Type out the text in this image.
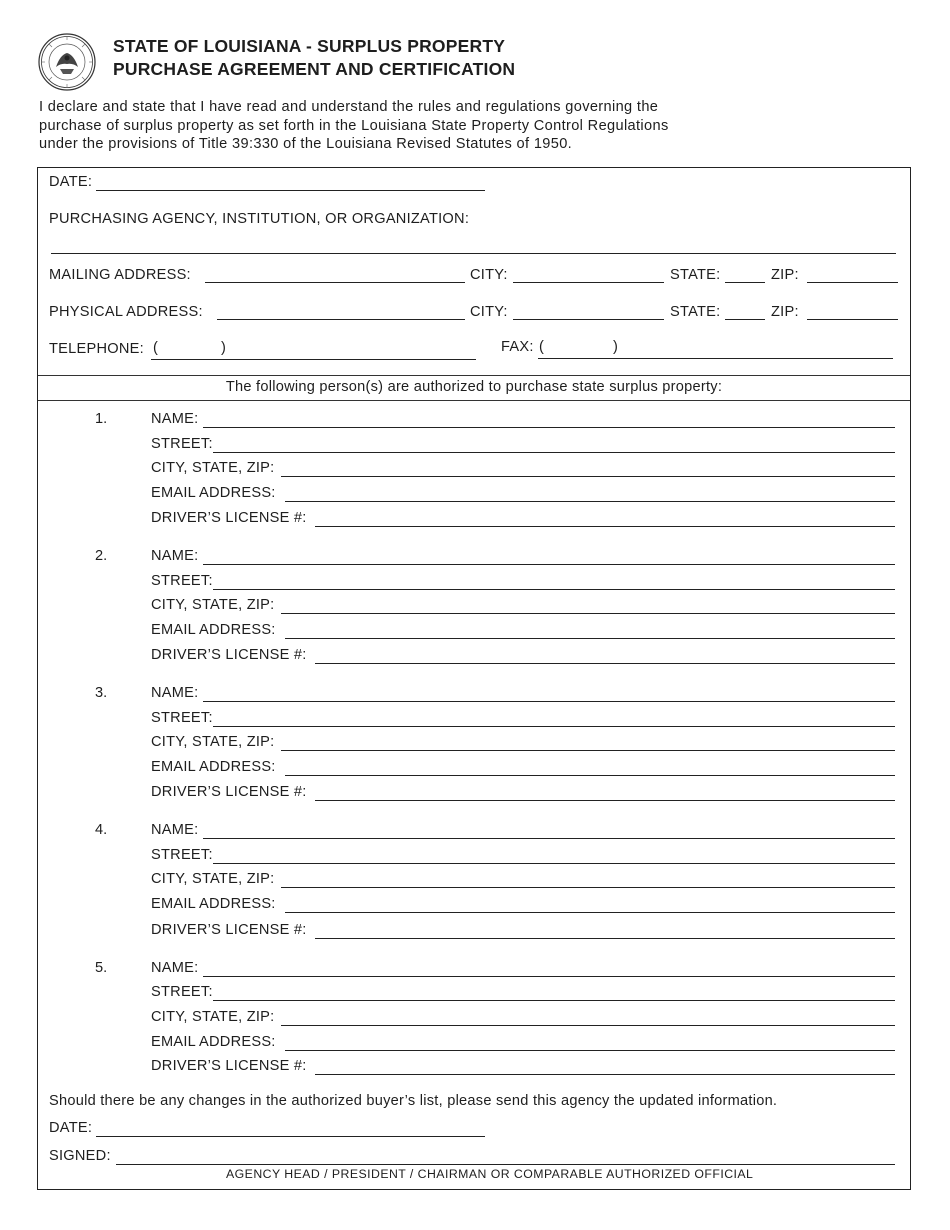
STATE OF LOUISIANA - SURPLUS PROPERTY
PURCHASE AGREEMENT AND CERTIFICATION
I declare and state that I have read and understand the rules and regulations governing the
purchase of surplus property as set forth in the Louisiana State Property Control Regulations
under the provisions of Title 39:330 of the Louisiana Revised Statutes of 1950.
DATE:
PURCHASING AGENCY, INSTITUTION, OR ORGANIZATION:
MAILING ADDRESS:	CITY:	STATE:	ZIP:
PHYSICAL ADDRESS:	CITY:	STATE:	ZIP:
TELEPHONE: (	)	FAX: (	)
The following person(s) are authorized to purchase state surplus property:
1.	NAME:
STREET:
CITY, STATE, ZIP:
EMAIL ADDRESS:
DRIVER’S LICENSE #:
2.	NAME:
STREET:
CITY, STATE, ZIP:
EMAIL ADDRESS:
DRIVER’S LICENSE #:
3.	NAME:
STREET:
CITY, STATE, ZIP:
EMAIL ADDRESS:
DRIVER’S LICENSE #:
4.	NAME:
STREET:
CITY, STATE, ZIP:
EMAIL ADDRESS:
DRIVER’S LICENSE #:
5.	NAME:
STREET:
CITY, STATE, ZIP:
EMAIL ADDRESS:
DRIVER’S LICENSE #:
Should there be any changes in the authorized buyer’s list, please send this agency the updated information.
DATE:
SIGNED:
AGENCY HEAD / PRESIDENT / CHAIRMAN OR COMPARABLE AUTHORIZED OFFICIAL
